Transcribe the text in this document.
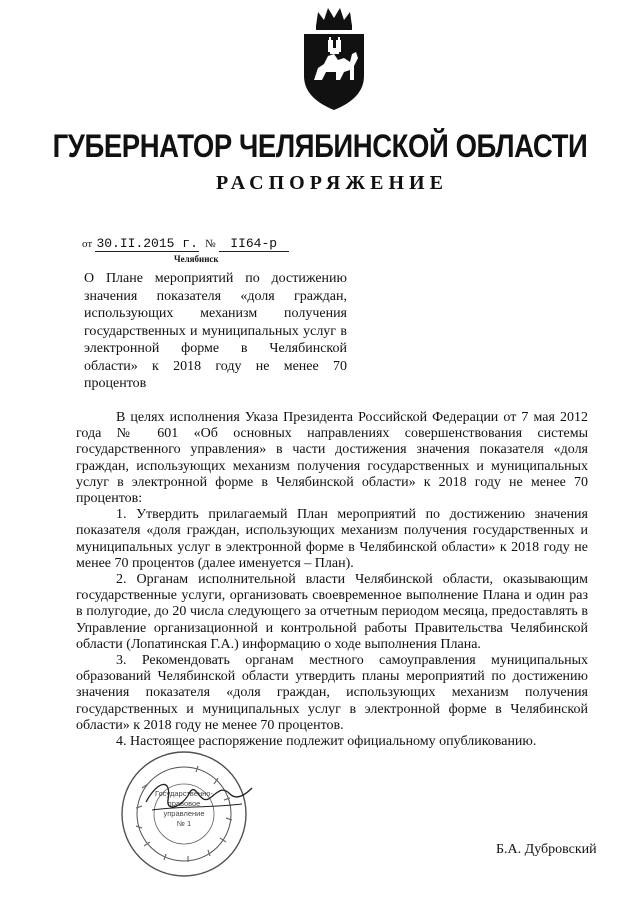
ГУБЕРНАТОР ЧЕЛЯБИНСКОЙ ОБЛАСТИ
РАСПОРЯЖЕНИЕ
от 30.II.2015 г. № II64-р
Челябинск

О Плане мероприятий по достижению значения показателя «доля граждан, использующих механизм получения государственных и муниципальных услуг в электронной форме в Челябинской области» к 2018 году не менее 70 процентов

В целях исполнения Указа Президента Российской Федерации от 7 мая 2012 года № 601 «Об основных направлениях совершенствования системы государственного управления» в части достижения значения показателя «доля граждан, использующих механизм получения государственных и муниципальных услуг в электронной форме в Челябинской области» к 2018 году не менее 70 процентов:

1. Утвердить прилагаемый План мероприятий по достижению значения показателя «доля граждан, использующих механизм получения государственных и муниципальных услуг в электронной форме в Челябинской области» к 2018 году не менее 70 процентов (далее именуется – План).

2. Органам исполнительной власти Челябинской области, оказывающим государственные услуги, организовать своевременное выполнение Плана и один раз в полугодие, до 20 числа следующего за отчетным периодом месяца, предоставлять в Управление организационной и контрольной работы Правительства Челябинской области (Лопатинская Г.А.) информацию о ходе выполнения Плана.

3. Рекомендовать органам местного самоуправления муниципальных образований Челябинской области утвердить планы мероприятий по достижению значения показателя «доля граждан, использующих механизм получения государственных и муниципальных услуг в электронной форме в Челябинской области» к 2018 году не менее 70 процентов.

4. Настоящее распоряжение подлежит официальному опубликованию.

Государственно-
правовое
управление
№ 1
Б.А. Дубровский
